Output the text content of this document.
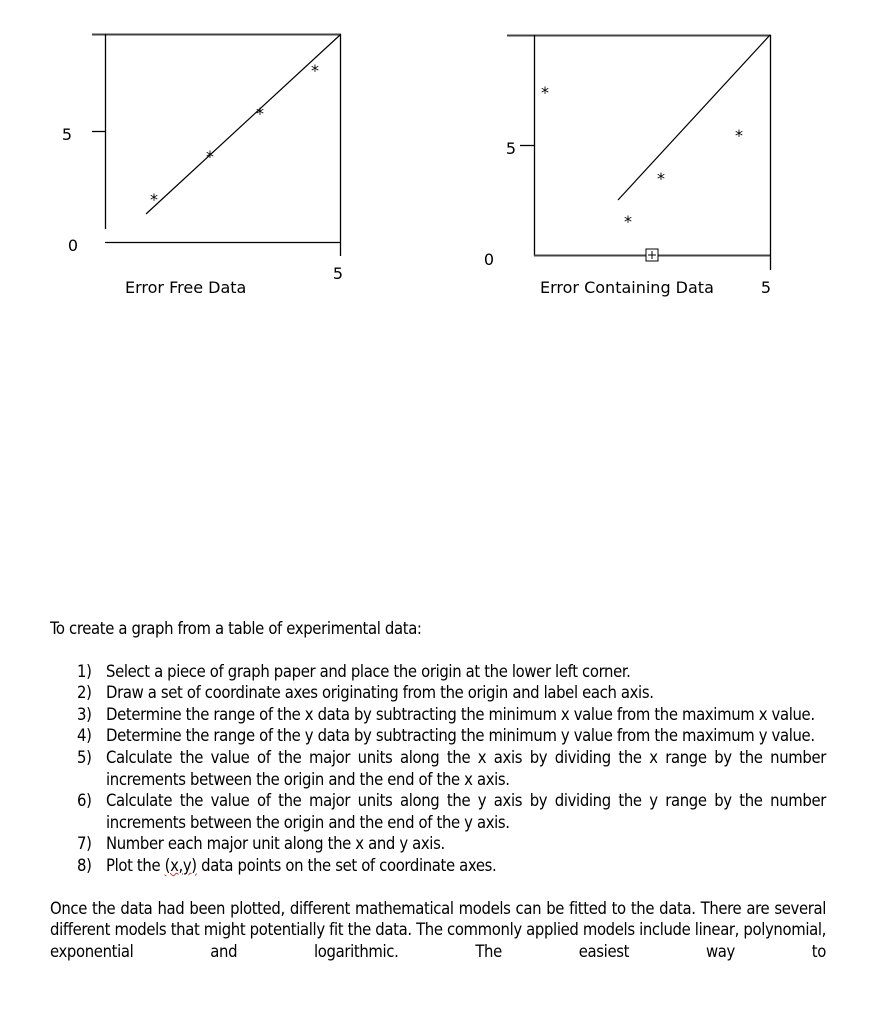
*
*
*
*
5
0
5
Error Free Data
*
*
*
*
5
0
Error Containing Data	5

To create a graph from a table of experimental data:

1) Select a piece of graph paper and place the origin at the lower left corner.
2) Draw a set of coordinate axes originating from the origin and label each axis.
3) Determine the range of the x data by subtracting the minimum x value from the maximum x value.
4) Determine the range of the y data by subtracting the minimum y value from the maximum y value.
5) Calculate the value of the major units along the x axis by dividing the x range by the number increments between the origin and the end of the x axis.
6) Calculate the value of the major units along the y axis by dividing the y range by the number increments between the origin and the end of the y axis.
7) Number each major unit along the x and y axis.
8) Plot the (x,y) data points on the set of coordinate axes.

Once the data had been plotted, different mathematical models can be fitted to the data. There are several different models that might potentially fit the data. The commonly applied models include linear, polynomial, exponential and logarithmic. The easiest way to
